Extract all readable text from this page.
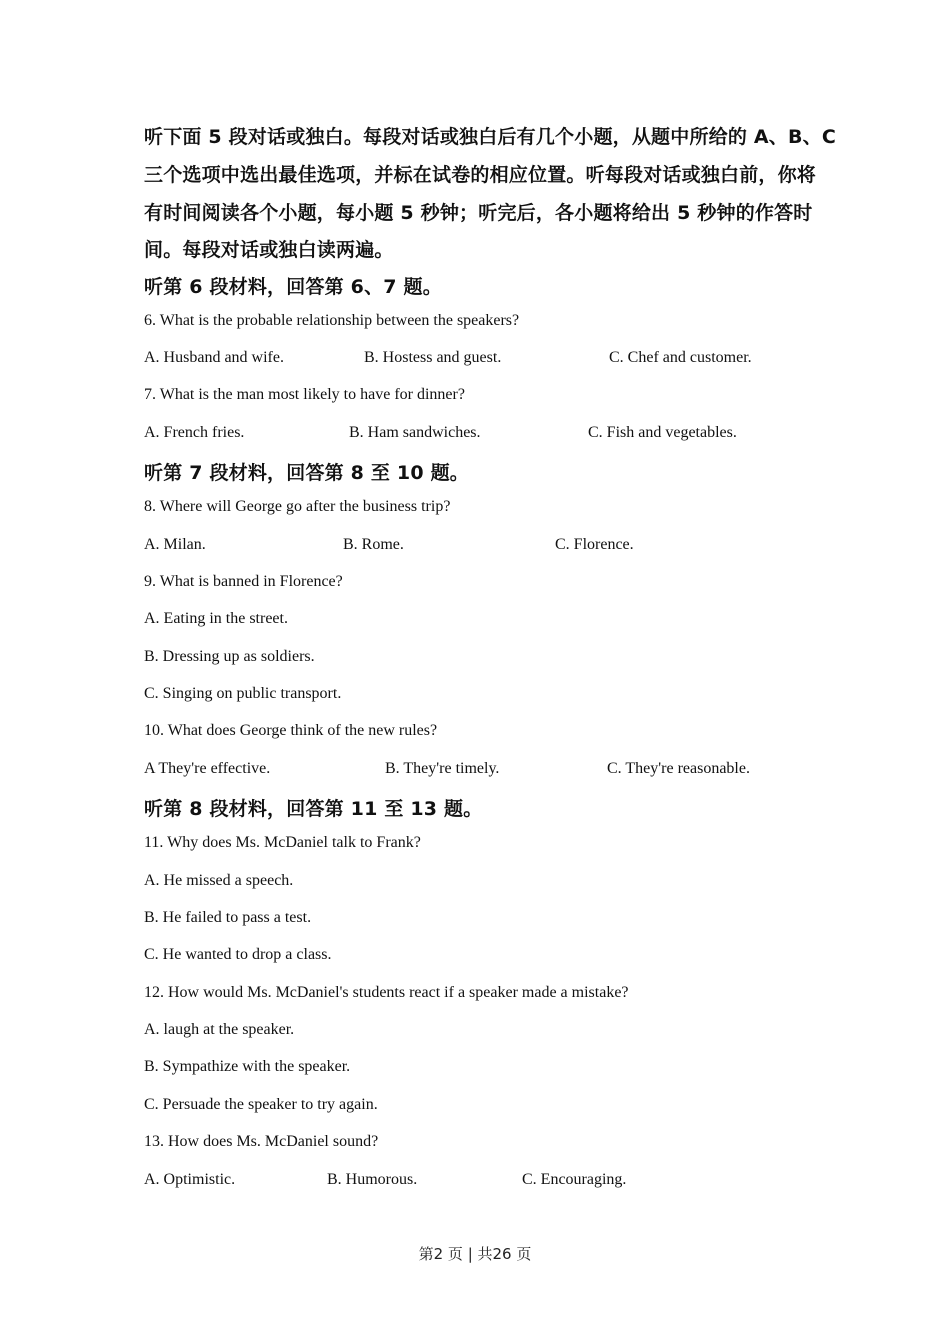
听下面 5 段对话或独白。每段对话或独白后有几个小题，从题中所给的 A、B、C
三个选项中选出最佳选项，并标在试卷的相应位置。听每段对话或独白前，你将
有时间阅读各个小题，每小题 5 秒钟；听完后，各小题将给出 5 秒钟的作答时
间。每段对话或独白读两遍。
听第 6 段材料，回答第 6、7 题。
6. What is the probable relationship between the speakers?
A. Husband and wife.	B. Hostess and guest.	C. Chef and customer.
7. What is the man most likely to have for dinner?
A. French fries.	B. Ham sandwiches.	C. Fish and vegetables.
听第 7 段材料，回答第 8 至 10 题。
8. Where will George go after the business trip?
A. Milan.	B. Rome.	C. Florence.
9. What is banned in Florence?
A. Eating in the street.
B. Dressing up as soldiers.
C. Singing on public transport.
10. What does George think of the new rules?
A They're effective.	B. They're timely.	C. They're reasonable.
听第 8 段材料，回答第 11 至 13 题。
11. Why does Ms. McDaniel talk to Frank?
A. He missed a speech.
B. He failed to pass a test.
C. He wanted to drop a class.
12. How would Ms. McDaniel's students react if a speaker made a mistake?
A. laugh at the speaker.
B. Sympathize with the speaker.
C. Persuade the speaker to try again.
13. How does Ms. McDaniel sound?
A. Optimistic.	B. Humorous.	C. Encouraging.
第2 页 | 共26 页
